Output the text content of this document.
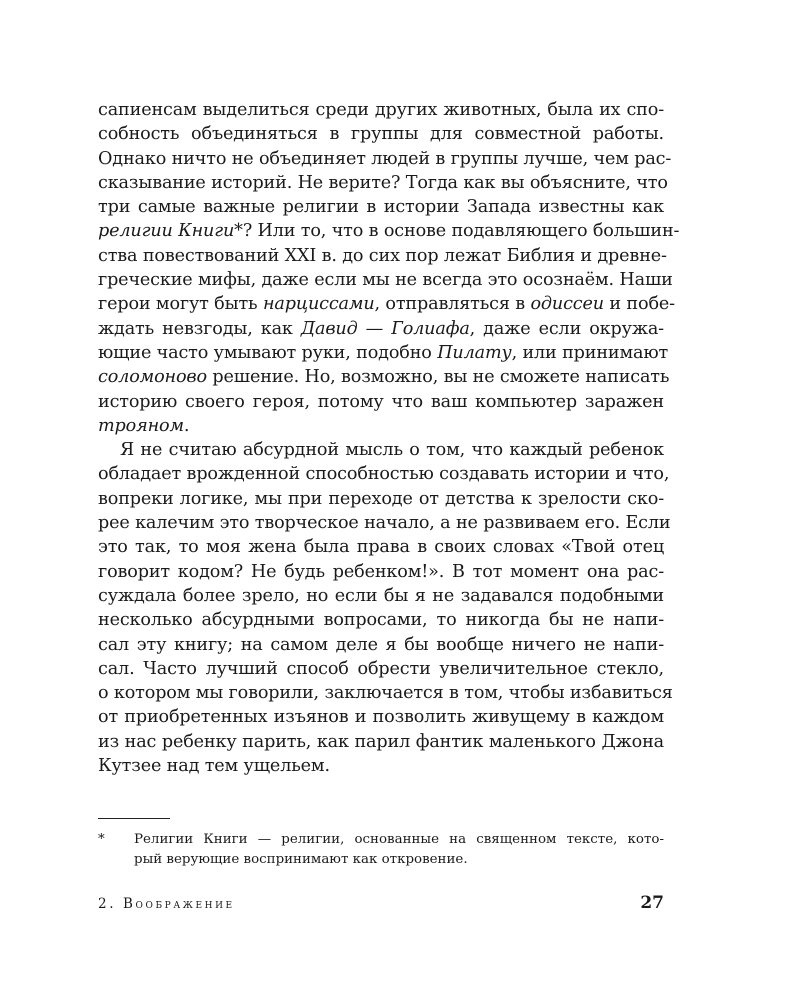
сапиенсам выделиться среди других животных, была их спо-
собность объединяться в группы для совместной работы.
Однако ничто не объединяет людей в группы лучше, чем рас-
сказывание историй. Не верите? Тогда как вы объясните, что
три самые важные религии в истории Запада известны как
религии Книги*? Или то, что в основе подавляющего большин-
ства повествований XXI в. до сих пор лежат Библия и древне-
греческие мифы, даже если мы не всегда это осознаём. Наши
герои могут быть нарциссами, отправляться в одиссеи и побе-
ждать невзгоды, как Давид — Голиафа, даже если окружа-
ющие часто умывают руки, подобно Пилату, или принимают
соломоново решение. Но, возможно, вы не сможете написать
историю своего героя, потому что ваш компьютер заражен
трояном.
Я не считаю абсурдной мысль о том, что каждый ребенок
обладает врожденной способностью создавать истории и что,
вопреки логике, мы при переходе от детства к зрелости ско-
рее калечим это творческое начало, а не развиваем его. Если
это так, то моя жена была права в своих словах «Твой отец
говорит кодом? Не будь ребенком!». В тот момент она рас-
суждала более зрело, но если бы я не задавался подобными
несколько абсурдными вопросами, то никогда бы не напи-
сал эту книгу; на самом деле я бы вообще ничего не напи-
сал. Часто лучший способ обрести увеличительное стекло,
о котором мы говорили, заключается в том, чтобы избавиться
от приобретенных изъянов и позволить живущему в каждом
из нас ребенку парить, как парил фантик маленького Джона
Кутзее над тем ущельем.
*	Религии Книги — религии, основанные на священном тексте, кото-
рый верующие воспринимают как откровение.
2. Воображение	27
